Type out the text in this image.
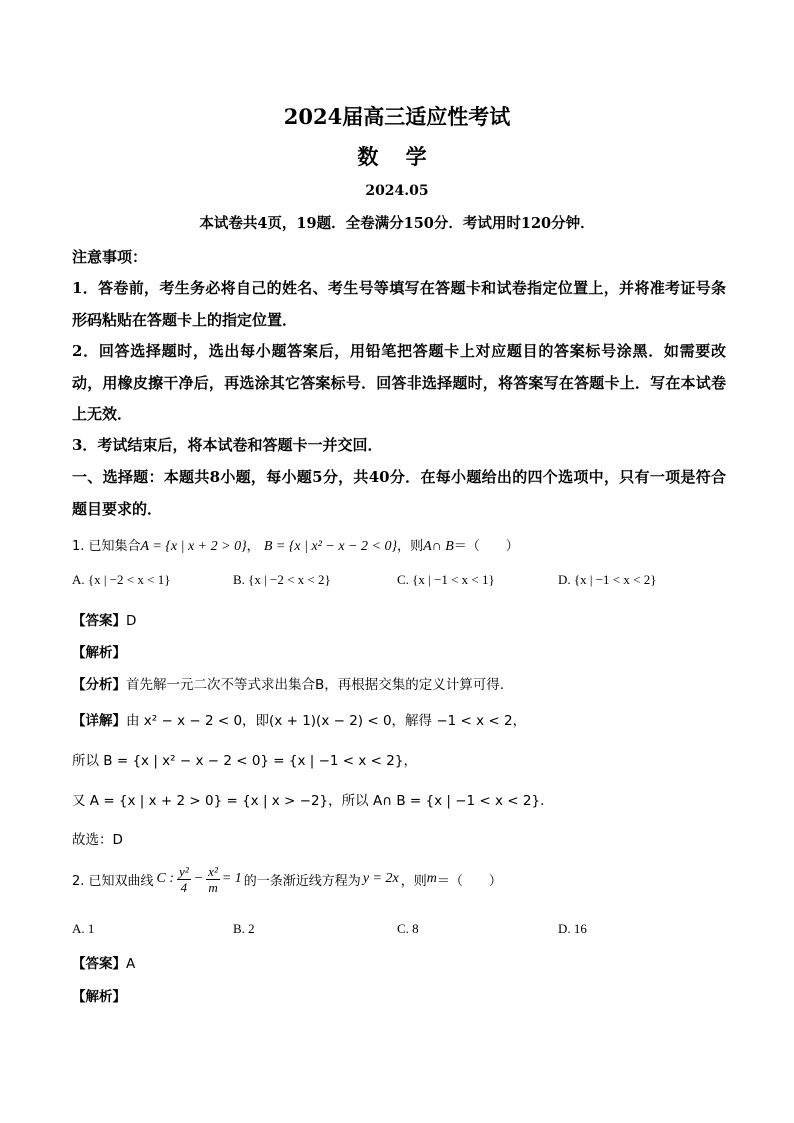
2024届高三适应性考试
数 学
2024.05
本试卷共4页，19题．全卷满分150分．考试用时120分钟．
注意事项：
1．答卷前，考生务必将自己的姓名、考生号等填写在答题卡和试卷指定位置上，并将准考证号条形码粘贴在答题卡上的指定位置．
2．回答选择题时，选出每小题答案后，用铅笔把答题卡上对应题目的答案标号涂黑．如需要改动，用橡皮擦干净后，再选涂其它答案标号．回答非选择题时，将答案写在答题卡上．写在本试卷上无效．
3．考试结束后，将本试卷和答题卡一并交回．
一、选择题：本题共8小题，每小题5分，共40分．在每小题给出的四个选项中，只有一项是符合题目要求的．
1. 已知集合A = {x | x + 2 > 0}， B = {x | x² − x − 2 < 0}，则A∩ B＝（　　）
A. {x | −2 < x < 1}	B. {x | −2 < x < 2}	C. {x | −1 < x < 1}	D. {x | −1 < x < 2}
【答案】D
【解析】
【分析】首先解一元二次不等式求出集合B，再根据交集的定义计算可得.
【详解】由 x² − x − 2 < 0，即(x + 1)(x − 2) < 0，解得 −1 < x < 2，
所以 B = {x | x² − x − 2 < 0} = {x | −1 < x < 2}，
又 A = {x | x + 2 > 0} = {x | x > −2}，所以 A∩ B = {x | −1 < x < 2}.
故选：D
2. 已知双曲线 C : $\frac{\text{y²}}{4} - \frac{\text{x²}}{m} = 1$ 的一条渐近线方程为 y = 2x ，则 m ＝（　　）
A. 1	B. 2	C. 8	D. 16
【答案】A
【解析】
